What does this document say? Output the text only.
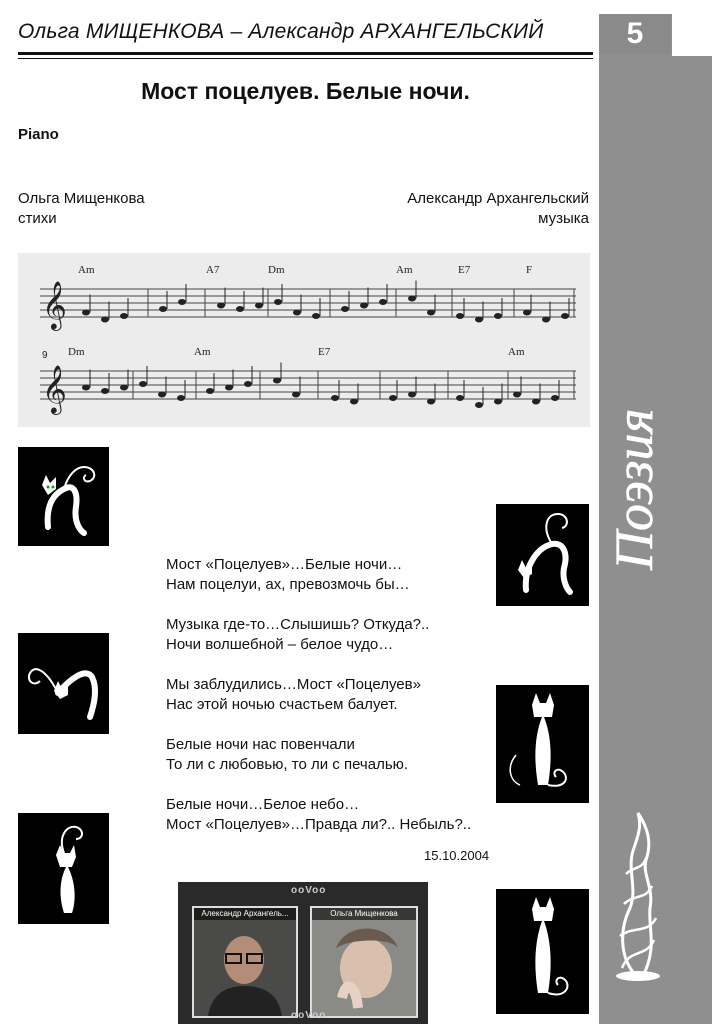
Ольга МИЩЕНКОВА – Александр АРХАНГЕЛЬСКИЙ	5
Поэзия
Мост поцелуев. Белые ночи.
Piano
Ольга Мищенкова
стихи
Александр Архангельский
музыка
Am	A7	Dm	Am	E7	F
Dm	Am	E7	Am
9
𝄞
𝄞
Мост «Поцелуев»…Белые ночи…
Нам поцелуи, ах, превозмочь бы…
Музыка где-то…Слышишь? Откуда?..
Ночи волшебной – белое чудо…
Мы заблудились…Мост «Поцелуев»
Нас этой ночью счастьем балует.
Белые ночи нас повенчали
То ли с любовью, то ли с печалью.
Белые ночи…Белое небо…
Мост «Поцелуев»…Правда ли?.. Небыль?..
15.10.2004
ooVoo
Александр Архангель...	Ольга Мищенкова
ooVoo
